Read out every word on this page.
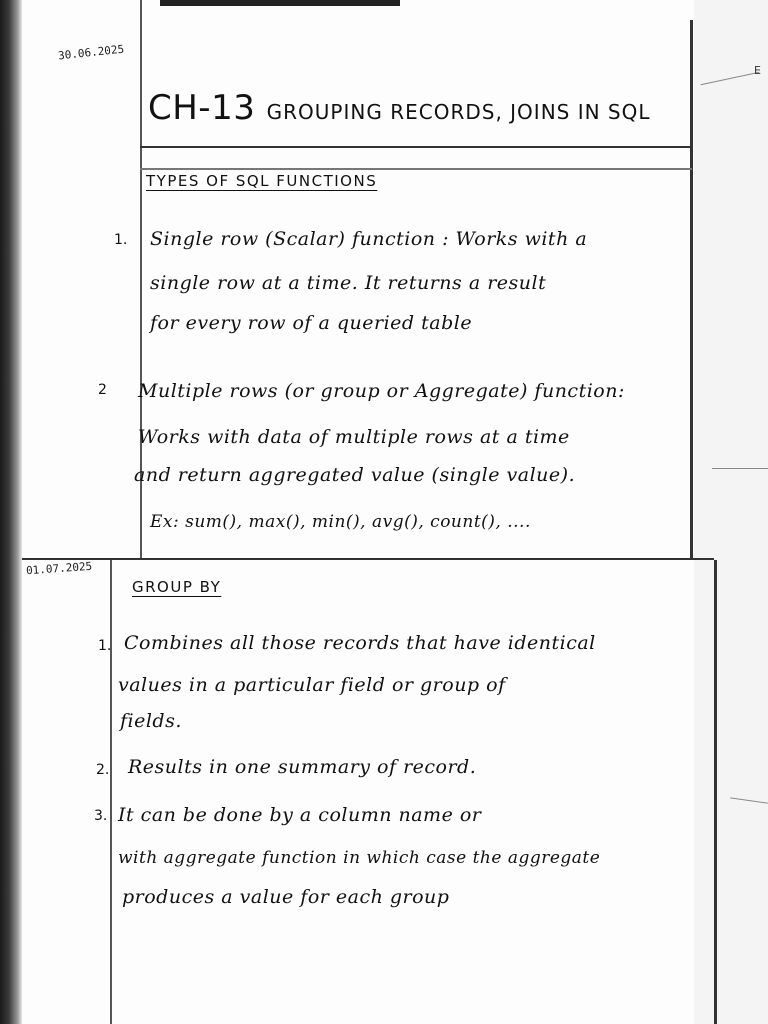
E
30.06.2025
01.07.2025
CH-13 GROUPING RECORDS, JOINS IN SQL
TYPES OF SQL FUNCTIONS
1. Single row (Scalar) function : Works with a
single row at a time. It returns a result
for every row of a queried table
2 Multiple rows (or group or Aggregate) function:
Works with data of multiple rows at a time
and return aggregated value (single value).
Ex: sum(), max(), min(), avg(), count(), ....
GROUP BY
1. Combines all those records that have identical
values in a particular field or group of
fields.
2. Results in one summary of record.
3. It can be done by a column name or
with aggregate function in which case the aggregate
produces a value for each group
